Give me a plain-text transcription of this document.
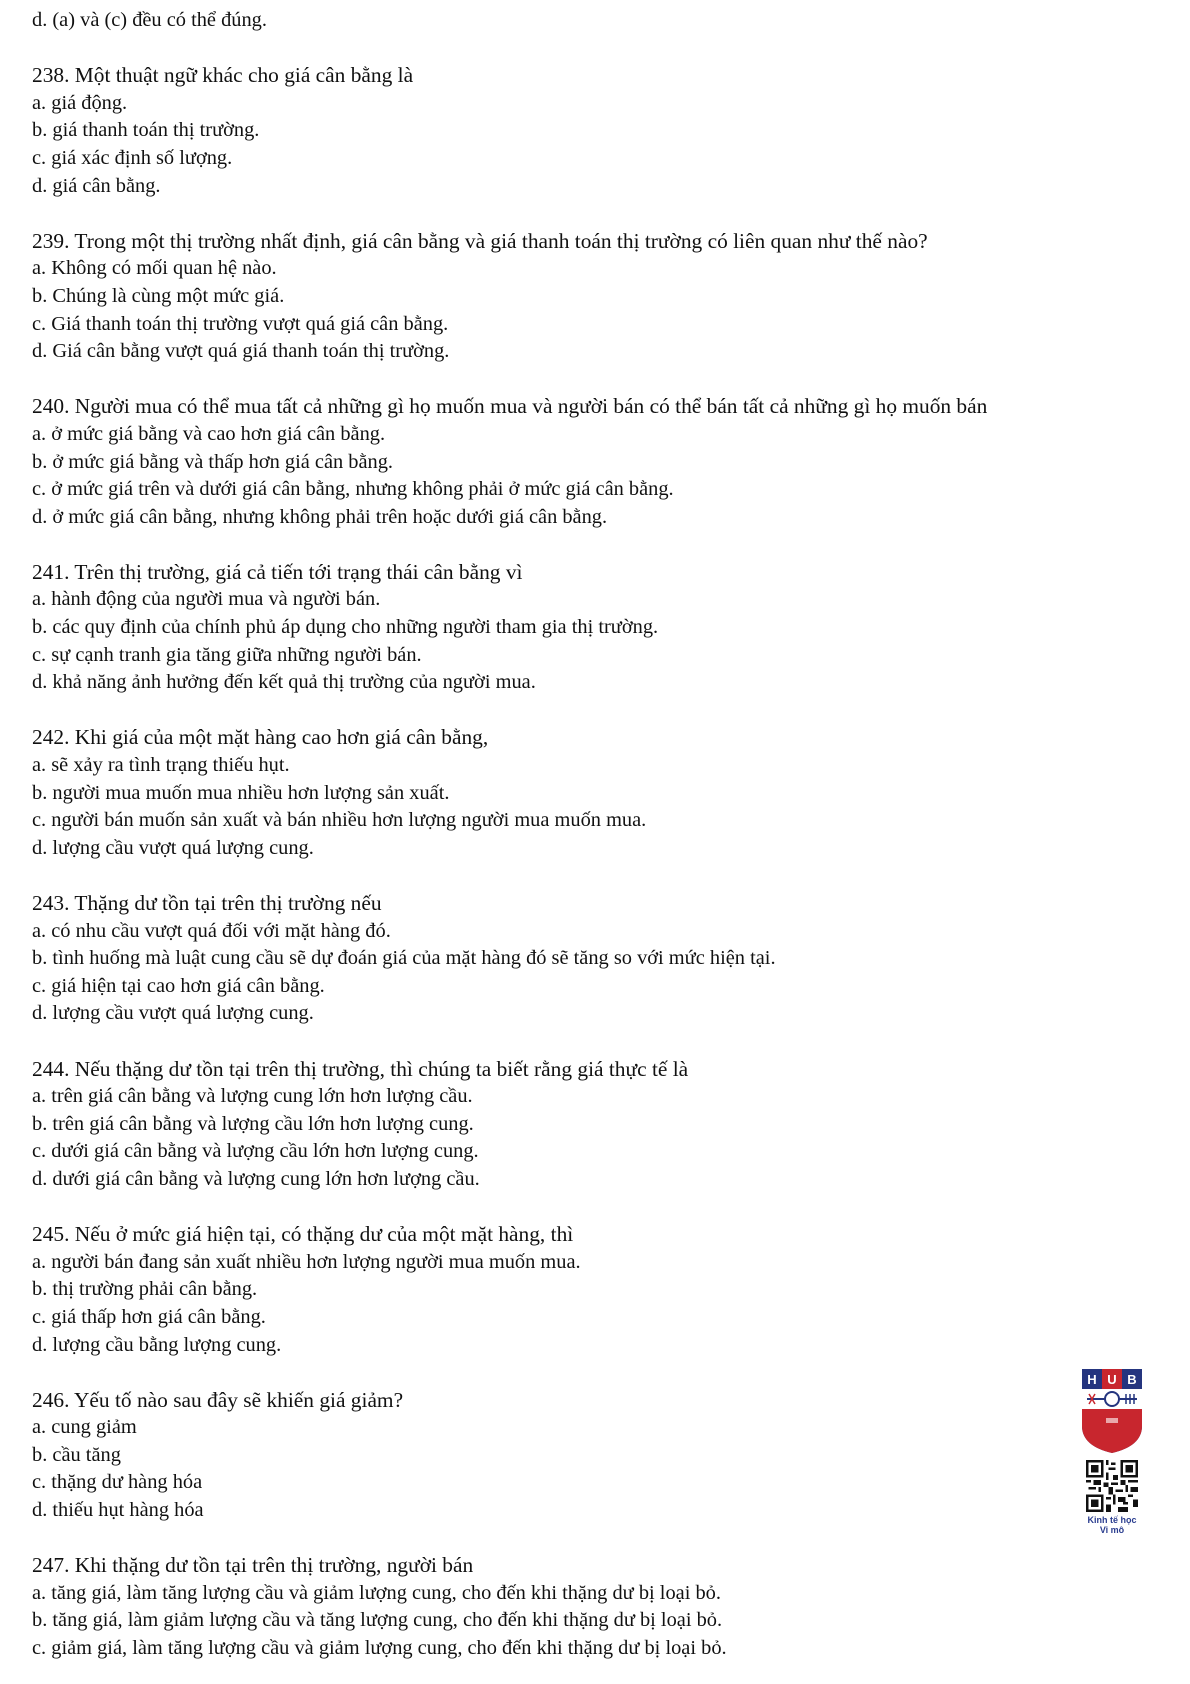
d. (a) và (c) đều có thể đúng.

238. Một thuật ngữ khác cho giá cân bằng là

a. giá động.

b. giá thanh toán thị trường.

c. giá xác định số lượng.

d. giá cân bằng.

239. Trong một thị trường nhất định, giá cân bằng và giá thanh toán thị trường có liên quan như thế nào?

a. Không có mối quan hệ nào.

b. Chúng là cùng một mức giá.

c. Giá thanh toán thị trường vượt quá giá cân bằng.

d. Giá cân bằng vượt quá giá thanh toán thị trường.

240. Người mua có thể mua tất cả những gì họ muốn mua và người bán có thể bán tất cả những gì họ muốn bán

a. ở mức giá bằng và cao hơn giá cân bằng.

b. ở mức giá bằng và thấp hơn giá cân bằng.

c. ở mức giá trên và dưới giá cân bằng, nhưng không phải ở mức giá cân bằng.

d. ở mức giá cân bằng, nhưng không phải trên hoặc dưới giá cân bằng.

241. Trên thị trường, giá cả tiến tới trạng thái cân bằng vì

a. hành động của người mua và người bán.

b. các quy định của chính phủ áp dụng cho những người tham gia thị trường.

c. sự cạnh tranh gia tăng giữa những người bán.

d. khả năng ảnh hưởng đến kết quả thị trường của người mua.

242. Khi giá của một mặt hàng cao hơn giá cân bằng,

a. sẽ xảy ra tình trạng thiếu hụt.

b. người mua muốn mua nhiều hơn lượng sản xuất.

c. người bán muốn sản xuất và bán nhiều hơn lượng người mua muốn mua.

d. lượng cầu vượt quá lượng cung.

243. Thặng dư tồn tại trên thị trường nếu

a. có nhu cầu vượt quá đối với mặt hàng đó.

b. tình huống mà luật cung cầu sẽ dự đoán giá của mặt hàng đó sẽ tăng so với mức hiện tại.

c. giá hiện tại cao hơn giá cân bằng.

d. lượng cầu vượt quá lượng cung.

244. Nếu thặng dư tồn tại trên thị trường, thì chúng ta biết rằng giá thực tế là

a. trên giá cân bằng và lượng cung lớn hơn lượng cầu.

b. trên giá cân bằng và lượng cầu lớn hơn lượng cung.

c. dưới giá cân bằng và lượng cầu lớn hơn lượng cung.

d. dưới giá cân bằng và lượng cung lớn hơn lượng cầu.

245. Nếu ở mức giá hiện tại, có thặng dư của một mặt hàng, thì

a. người bán đang sản xuất nhiều hơn lượng người mua muốn mua.

b. thị trường phải cân bằng.

c. giá thấp hơn giá cân bằng.

d. lượng cầu bằng lượng cung.

246. Yếu tố nào sau đây sẽ khiến giá giảm?

a. cung giảm

b. cầu tăng

c. thặng dư hàng hóa

d. thiếu hụt hàng hóa

247. Khi thặng dư tồn tại trên thị trường, người bán

a. tăng giá, làm tăng lượng cầu và giảm lượng cung, cho đến khi thặng dư bị loại bỏ.

b. tăng giá, làm giảm lượng cầu và tăng lượng cung, cho đến khi thặng dư bị loại bỏ.

c. giảm giá, làm tăng lượng cầu và giảm lượng cung, cho đến khi thặng dư bị loại bỏ.

H U B
Kinh tế học
Vi mô
